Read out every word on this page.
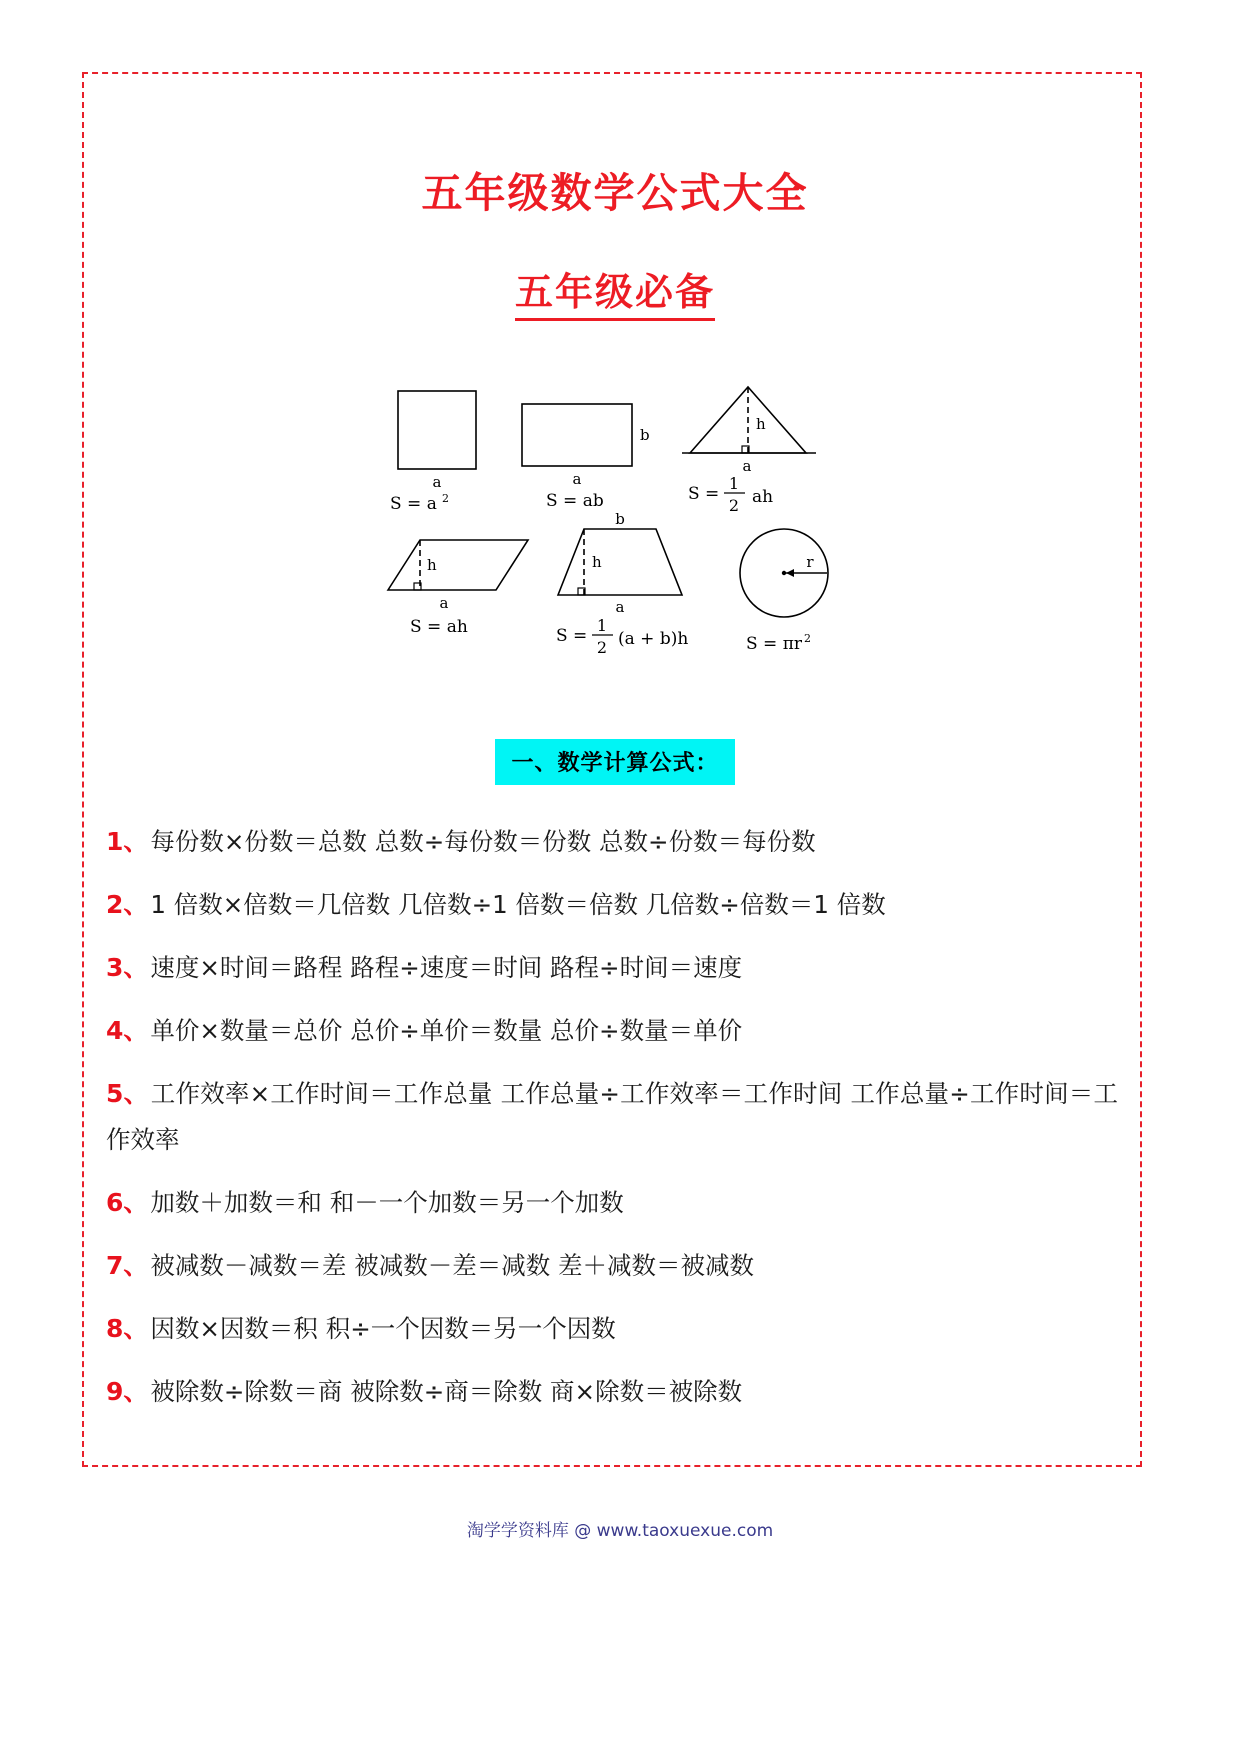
五年级数学公式大全
五年级必备
a
S = a 2
b
a
S = ab
h
a
S =
1
2 ah
h
a
S = ah
b
h
a
S =
1
2 (a + b)h
r
S = πr 2
一、数学计算公式：
1、每份数×份数＝总数 总数÷每份数＝份数 总数÷份数＝每份数
2、1 倍数×倍数＝几倍数 几倍数÷1 倍数＝倍数 几倍数÷倍数＝1 倍数
3、速度×时间＝路程 路程÷速度＝时间 路程÷时间＝速度
4、单价×数量＝总价 总价÷单价＝数量 总价÷数量＝单价
5、工作效率×工作时间＝工作总量 工作总量÷工作效率＝工作时间 工作总量÷工作时间＝工作效率
6、加数＋加数＝和 和－一个加数＝另一个加数
7、被减数－减数＝差 被减数－差＝减数 差＋减数＝被减数
8、因数×因数＝积 积÷一个因数＝另一个因数
9、被除数÷除数＝商 被除数÷商＝除数 商×除数＝被除数
淘学学资料库 @ www.taoxuexue.com
